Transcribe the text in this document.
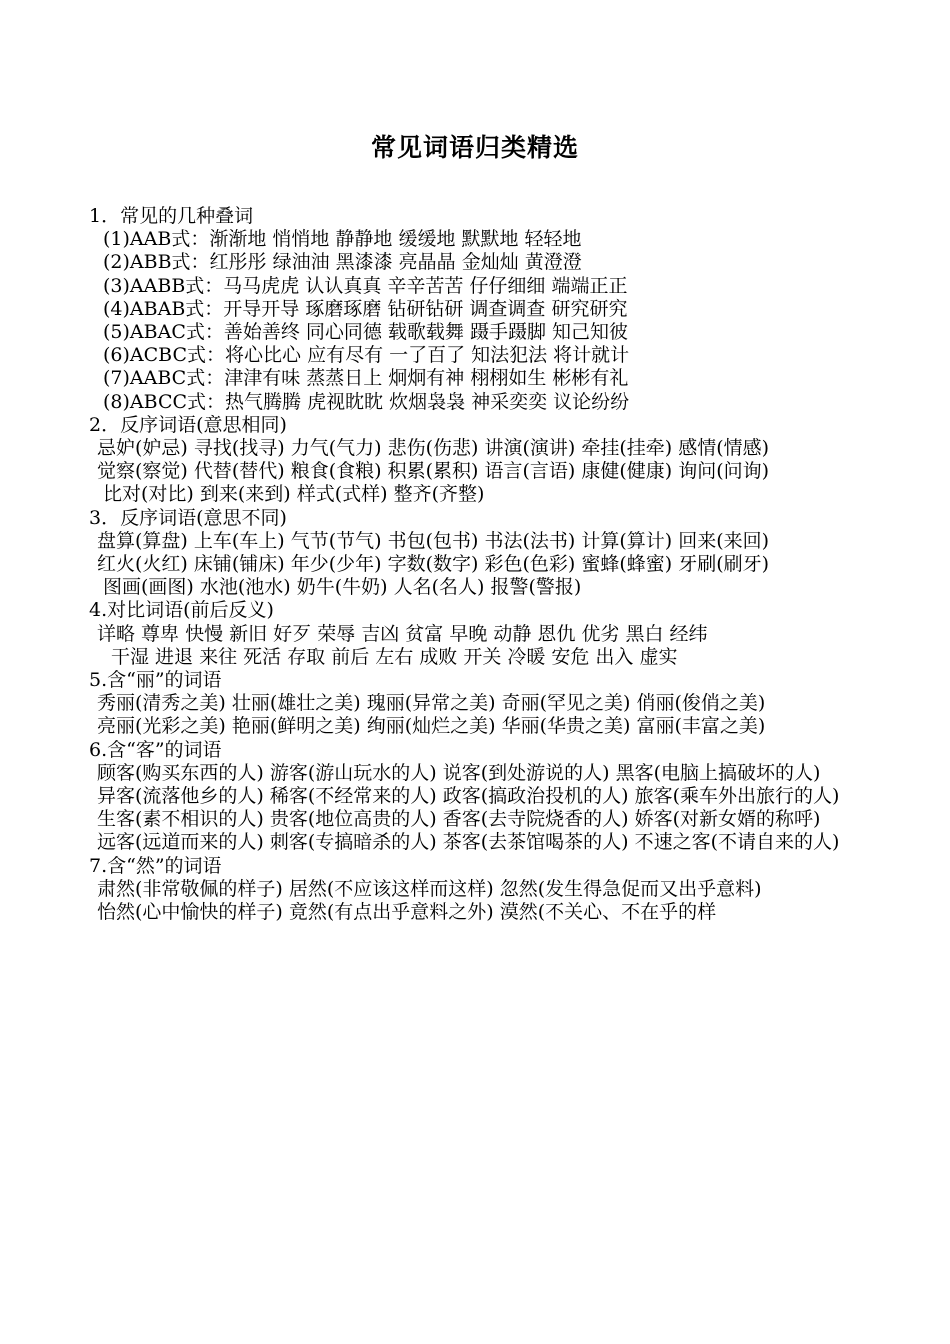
常见词语归类精选
1．常见的几种叠词
(1)AAB式：渐渐地 悄悄地 静静地 缓缓地 默默地 轻轻地
(2)ABB式：红彤彤 绿油油 黑漆漆 亮晶晶 金灿灿 黄澄澄
(3)AABB式：马马虎虎 认认真真 辛辛苦苦 仔仔细细 端端正正
(4)ABAB式：开导开导 琢磨琢磨 钻研钻研 调查调查 研究研究
(5)ABAC式：善始善终 同心同德 载歌载舞 蹑手蹑脚 知己知彼
(6)ACBC式：将心比心 应有尽有 一了百了 知法犯法 将计就计
(7)AABC式：津津有味 蒸蒸日上 炯炯有神 栩栩如生 彬彬有礼
(8)ABCC式：热气腾腾 虎视眈眈 炊烟袅袅 神采奕奕 议论纷纷
2．反序词语(意思相同)
忌妒(妒忌) 寻找(找寻) 力气(气力) 悲伤(伤悲) 讲演(演讲) 牵挂(挂牵) 感情(情感)
觉察(察觉) 代替(替代) 粮食(食粮) 积累(累积) 语言(言语) 康健(健康) 询问(问询)
比对(对比) 到来(来到) 样式(式样) 整齐(齐整)
3．反序词语(意思不同)
盘算(算盘) 上车(车上) 气节(节气) 书包(包书) 书法(法书) 计算(算计) 回来(来回)
红火(火红) 床铺(铺床) 年少(少年) 字数(数字) 彩色(色彩) 蜜蜂(蜂蜜) 牙刷(刷牙)
图画(画图) 水池(池水) 奶牛(牛奶) 人名(名人) 报警(警报)
4.对比词语(前后反义)
详略 尊卑 快慢 新旧 好歹 荣辱 吉凶 贫富 早晚 动静 恩仇 优劣 黑白 经纬
干湿 进退 来往 死活 存取 前后 左右 成败 开关 冷暖 安危 出入 虚实
5.含“丽”的词语
秀丽(清秀之美) 壮丽(雄壮之美) 瑰丽(异常之美) 奇丽(罕见之美) 俏丽(俊俏之美)
亮丽(光彩之美) 艳丽(鲜明之美) 绚丽(灿烂之美) 华丽(华贵之美) 富丽(丰富之美)
6.含“客”的词语
顾客(购买东西的人) 游客(游山玩水的人) 说客(到处游说的人) 黑客(电脑上搞破坏的人)
异客(流落他乡的人) 稀客(不经常来的人) 政客(搞政治投机的人) 旅客(乘车外出旅行的人)
生客(素不相识的人) 贵客(地位高贵的人) 香客(去寺院烧香的人) 娇客(对新女婿的称呼)
远客(远道而来的人) 刺客(专搞暗杀的人) 茶客(去茶馆喝茶的人) 不速之客(不请自来的人)
7.含“然”的词语
肃然(非常敬佩的样子) 居然(不应该这样而这样) 忽然(发生得急促而又出乎意料)
怡然(心中愉快的样子) 竟然(有点出乎意料之外) 漠然(不关心、不在乎的样
